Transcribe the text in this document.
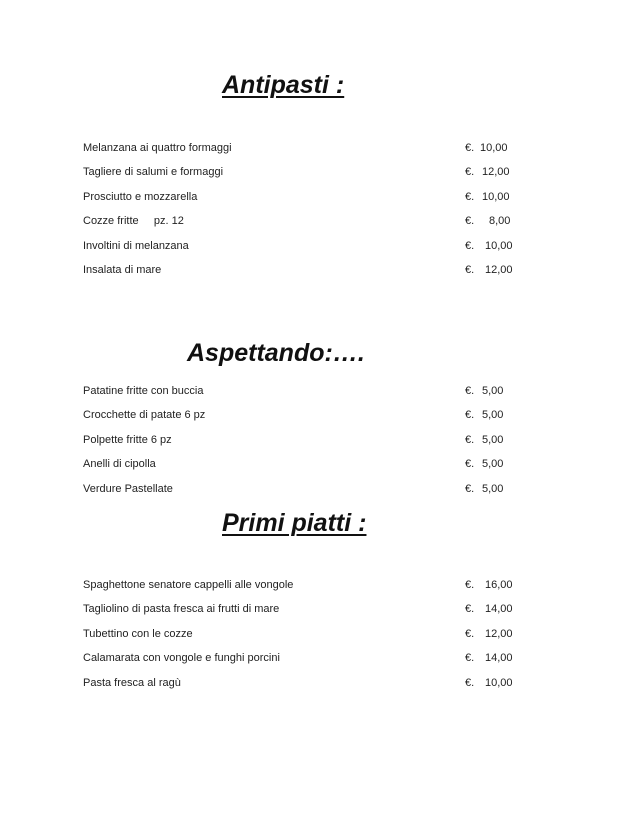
Antipasti :
Melanzana ai quattro formaggi	€. 10,00
Tagliere di salumi e formaggi	€. 12,00
Prosciutto e mozzarella	€. 10,00
Cozze fritte     pz. 12	€. 8,00
Involtini di melanzana	€. 10,00
Insalata di mare	€. 12,00
Aspettando:….
Patatine fritte con buccia	€. 5,00
Crocchette di patate 6 pz	€. 5,00
Polpette fritte 6 pz	€. 5,00
Anelli di cipolla	€. 5,00
Verdure Pastellate	€. 5,00
Primi piatti :
Spaghettone senatore cappelli alle vongole	€. 16,00
Tagliolino di pasta fresca ai frutti di mare	€. 14,00
Tubettino con le cozze	€. 12,00
Calamarata con vongole e funghi porcini	€. 14,00
Pasta fresca al ragù	€. 10,00
